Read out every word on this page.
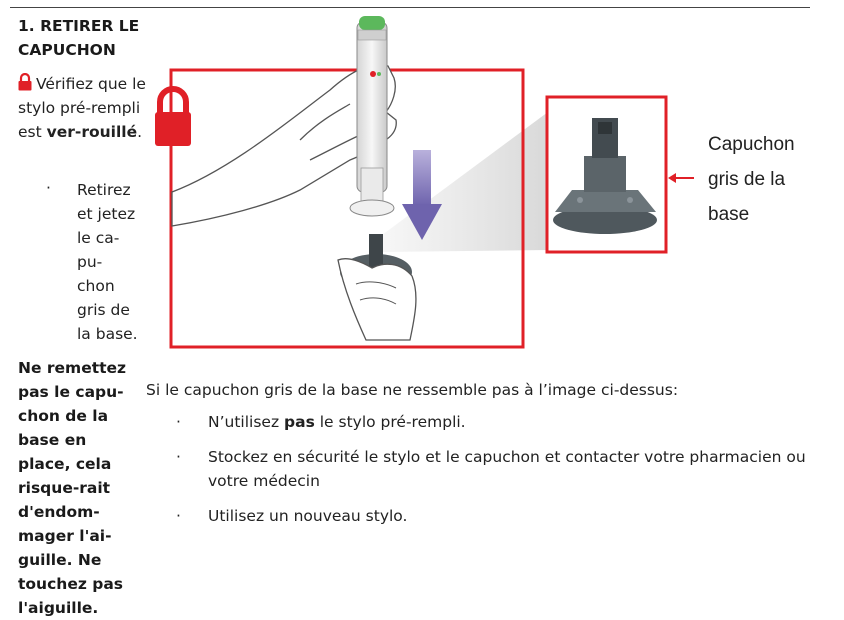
1. RETIRER LE CAPUCHON
Vérifiez que le stylo pré-rempli est ver-rouillé.
· Retirez et jetez le ca-pu-chon gris de la base.
Ne remettez pas le capu-chon de la base en place, cela risque-rait d'endom-mager l'ai-guille. Ne touchez pas l'aiguille.
Capuchon gris de la base
Si le capuchon gris de la base ne ressemble pas à l’image ci-dessus:
· N’utilisez pas le stylo pré-rempli.
· Stockez en sécurité le stylo et le capuchon et contacter votre pharmacien ou votre médecin
· Utilisez un nouveau stylo.
